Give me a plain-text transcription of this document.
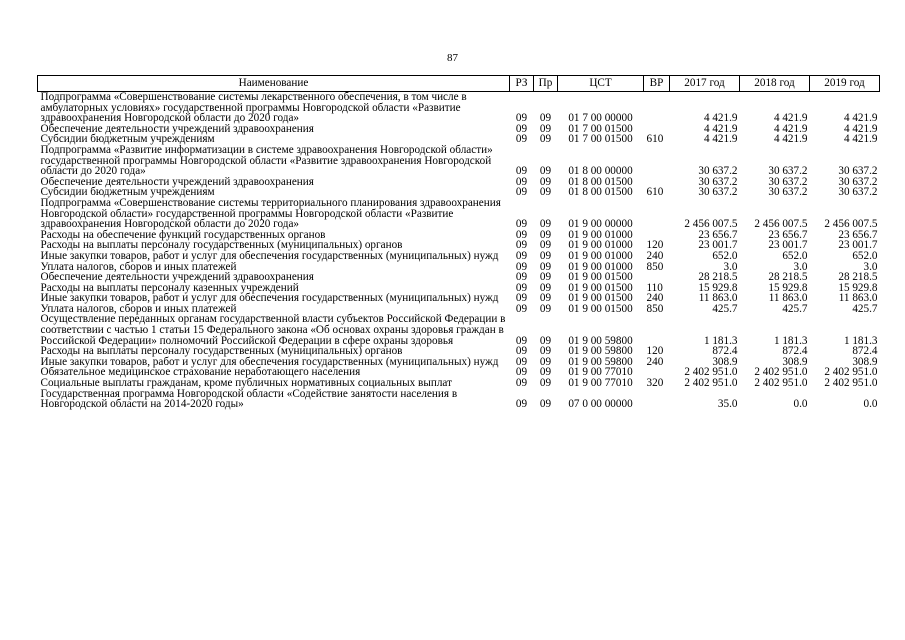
87
Наименование	РЗ	Пр	ЦСТ	ВР	2017 год	2018 год	2019 год
Подпрограмма «Совершенствование системы лекарственного обеспечения, в том числе в амбулаторных условиях» государственной программы Новгородской области «Развитие здравоохранения Новгородской области до 2020 года»	09	09	01 7 00 00000		4 421.9	4 421.9	4 421.9
Обеспечение деятельности учреждений здравоохранения	09	09	01 7 00 01500		4 421.9	4 421.9	4 421.9
Субсидии бюджетным учреждениям	09	09	01 7 00 01500	610	4 421.9	4 421.9	4 421.9
Подпрограмма «Развитие информатизации в системе здравоохранения Новгородской области» государственной программы Новгородской области «Развитие здравоохранения Новгородской области до 2020 года»	09	09	01 8 00 00000		30 637.2	30 637.2	30 637.2
Обеспечение деятельности учреждений здравоохранения	09	09	01 8 00 01500		30 637.2	30 637.2	30 637.2
Субсидии бюджетным учреждениям	09	09	01 8 00 01500	610	30 637.2	30 637.2	30 637.2
Подпрограмма «Совершенствование системы территориального планирования здравоохранения Новгородской области» государственной программы Новгородской области «Развитие здравоохранения Новгородской области до 2020 года»	09	09	01 9 00 00000		2 456 007.5	2 456 007.5	2 456 007.5
Расходы на обеспечение функций государственных органов	09	09	01 9 00 01000		23 656.7	23 656.7	23 656.7
Расходы на выплаты персоналу государственных (муниципальных) органов	09	09	01 9 00 01000	120	23 001.7	23 001.7	23 001.7
Иные закупки товаров, работ и услуг для обеспечения государственных (муниципальных) нужд	09	09	01 9 00 01000	240	652.0	652.0	652.0
Уплата налогов, сборов и иных платежей	09	09	01 9 00 01000	850	3.0	3.0	3.0
Обеспечение деятельности учреждений здравоохранения	09	09	01 9 00 01500		28 218.5	28 218.5	28 218.5
Расходы на выплаты персоналу казенных учреждений	09	09	01 9 00 01500	110	15 929.8	15 929.8	15 929.8
Иные закупки товаров, работ и услуг для обеспечения государственных (муниципальных) нужд	09	09	01 9 00 01500	240	11 863.0	11 863.0	11 863.0
Уплата налогов, сборов и иных платежей	09	09	01 9 00 01500	850	425.7	425.7	425.7
Осуществление переданных органам государственной власти субъектов Российской Федерации в соответствии с частью 1 статьи 15 Федерального закона «Об основах охраны здоровья граждан в Российской Федерации» полномочий Российской Федерации в сфере охраны здоровья	09	09	01 9 00 59800		1 181.3	1 181.3	1 181.3
Расходы на выплаты персоналу государственных (муниципальных) органов	09	09	01 9 00 59800	120	872.4	872.4	872.4
Иные закупки товаров, работ и услуг для обеспечения государственных (муниципальных) нужд	09	09	01 9 00 59800	240	308.9	308.9	308.9
Обязательное медицинское страхование неработающего населения	09	09	01 9 00 77010		2 402 951.0	2 402 951.0	2 402 951.0
Социальные выплаты гражданам, кроме публичных нормативных социальных выплат	09	09	01 9 00 77010	320	2 402 951.0	2 402 951.0	2 402 951.0
Государственная программа Новгородской области «Содействие занятости населения в Новгородской области на 2014-2020 годы»	09	09	07 0 00 00000		35.0	0.0	0.0
